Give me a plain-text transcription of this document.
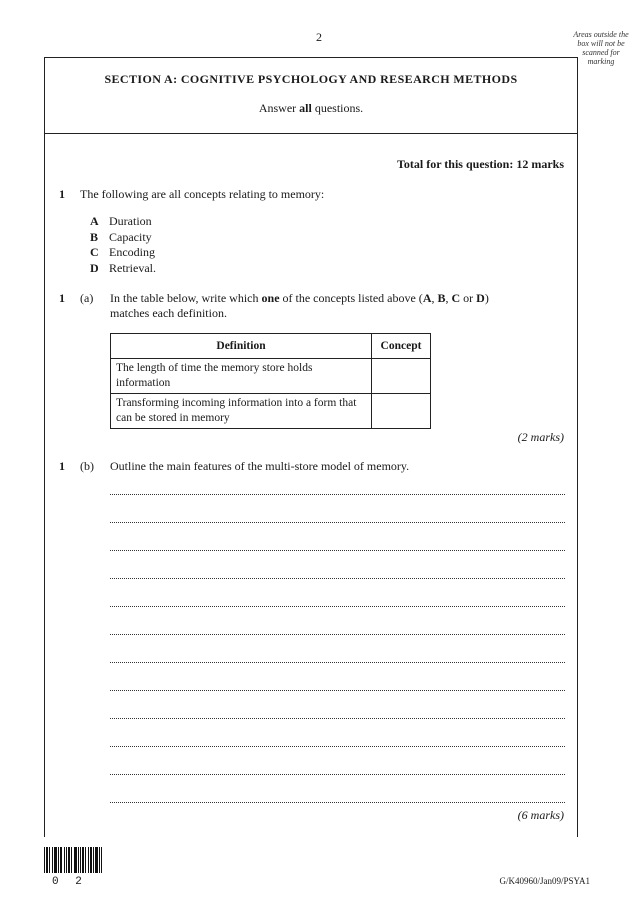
2	Areas outside the box will not be scanned for marking
SECTION A: COGNITIVE PSYCHOLOGY AND RESEARCH METHODS
Answer all questions.
Total for this question: 12 marks
1 The following are all concepts relating to memory:
A Duration
B Capacity
C Encoding
D Retrieval.
1 (a) In the table below, write which one of the concepts listed above (A, B, C or D)
matches each definition.
Definition	Concept
The length of time the memory store holds information	
Transforming incoming information into a form that can be stored in memory	
(2 marks)
1 (b) Outline the main features of the multi-store model of memory.
(6 marks)
0 2	G/K40960/Jan09/PSYA1
